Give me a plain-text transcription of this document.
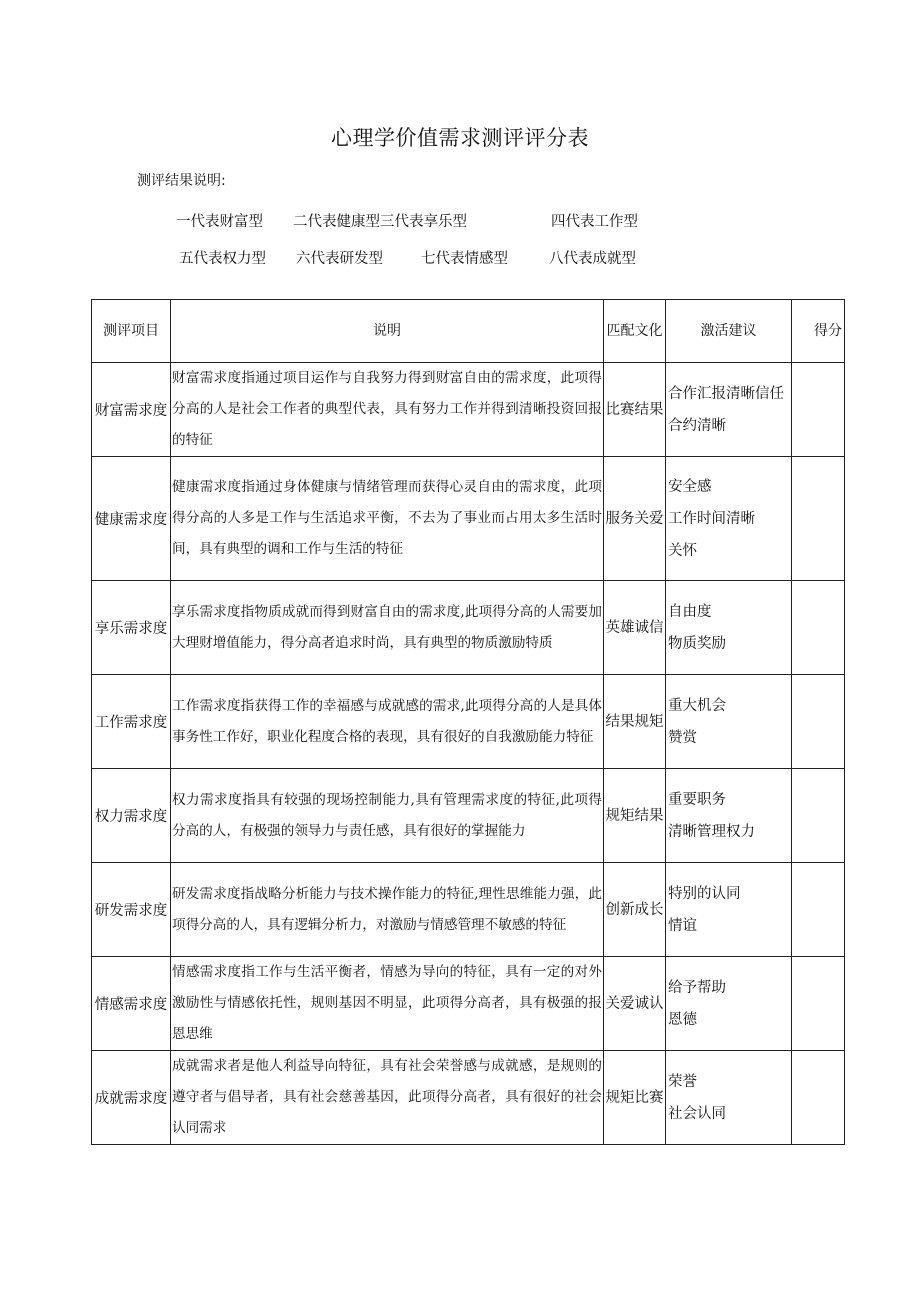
心理学价值需求测评评分表
测评结果说明:
一代表财富型 二代表健康型三代表享乐型	四代表工作型
五代表权力型 六代表研发型	七代表情感型	八代表成就型
测评项目	说明	匹配文化	激活建议	得分
财富需求度	财富需求度指通过项目运作与自我努力得到财富自由的需求度，此项得分高的人是社会工作者的典型代表，具有努力工作并得到清晰投资回报的特征	比赛结果	合作汇报清晰信任
合约清晰	

健康需求度	健康需求度指通过身体健康与情绪管理而获得心灵自由的需求度，此项得分高的人多是工作与生活追求平衡，不去为了事业而占用太多生活时间，具有典型的调和工作与生活的特征	服务关爱	安全感
工作时间清晰
关怀	

享乐需求度	享乐需求度指物质成就而得到财富自由的需求度,此项得分高的人需要加大理财增值能力，得分高者追求时尚，具有典型的物质激励特质	英雄诚信	自由度
物质奖励	

工作需求度	工作需求度指获得工作的幸福感与成就感的需求,此项得分高的人是具体事务性工作好，职业化程度合格的表现，具有很好的自我激励能力特征	结果规矩	重大机会
赞赏	

权力需求度	权力需求度指具有较强的现场控制能力,具有管理需求度的特征,此项得分高的人，有极强的领导力与责任感，具有很好的掌握能力	规矩结果	重要职务
清晰管理权力	

研发需求度	研发需求度指战略分析能力与技术操作能力的特征,理性思维能力强，此项得分高的人，具有逻辑分析力，对激励与情感管理不敏感的特征	创新成长	特别的认同
情谊	

情感需求度	情感需求度指工作与生活平衡者，情感为导向的特征，具有一定的对外激励性与情感依托性，规则基因不明显，此项得分高者，具有极强的报恩思维	关爱诚认	给予帮助
恩德	

成就需求度	成就需求者是他人利益导向特征，具有社会荣誉感与成就感，是规则的遵守者与倡导者，具有社会慈善基因，此项得分高者，具有很好的社会认同需求	规矩比赛	荣誉
社会认同	
